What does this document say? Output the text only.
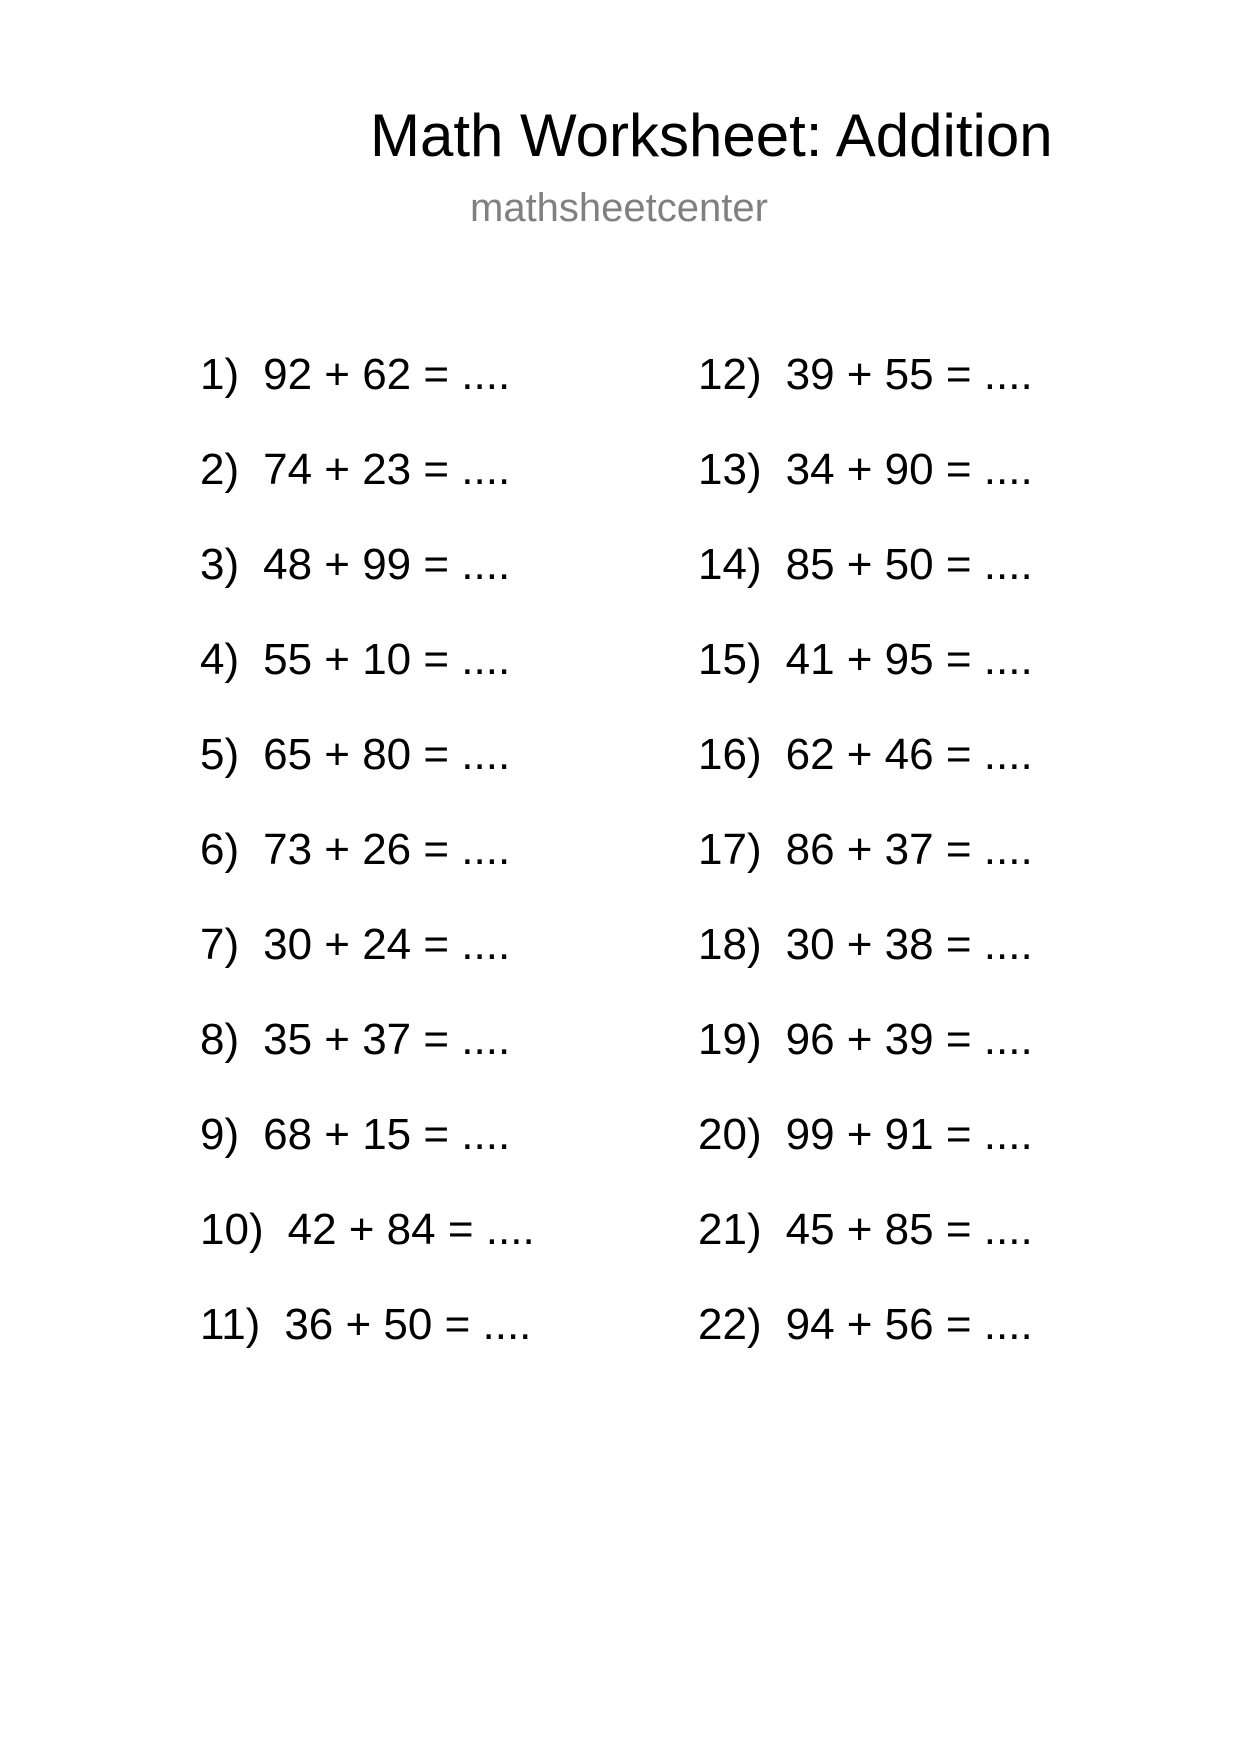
Math Worksheet: Addition
mathsheetcenter
1) 92 + 62 = ....
2) 74 + 23 = ....
3) 48 + 99 = ....
4) 55 + 10 = ....
5) 65 + 80 = ....
6) 73 + 26 = ....
7) 30 + 24 = ....
8) 35 + 37 = ....
9) 68 + 15 = ....
10) 42 + 84 = ....
11) 36 + 50 = ....
12) 39 + 55 = ....
13) 34 + 90 = ....
14) 85 + 50 = ....
15) 41 + 95 = ....
16) 62 + 46 = ....
17) 86 + 37 = ....
18) 30 + 38 = ....
19) 96 + 39 = ....
20) 99 + 91 = ....
21) 45 + 85 = ....
22) 94 + 56 = ....
